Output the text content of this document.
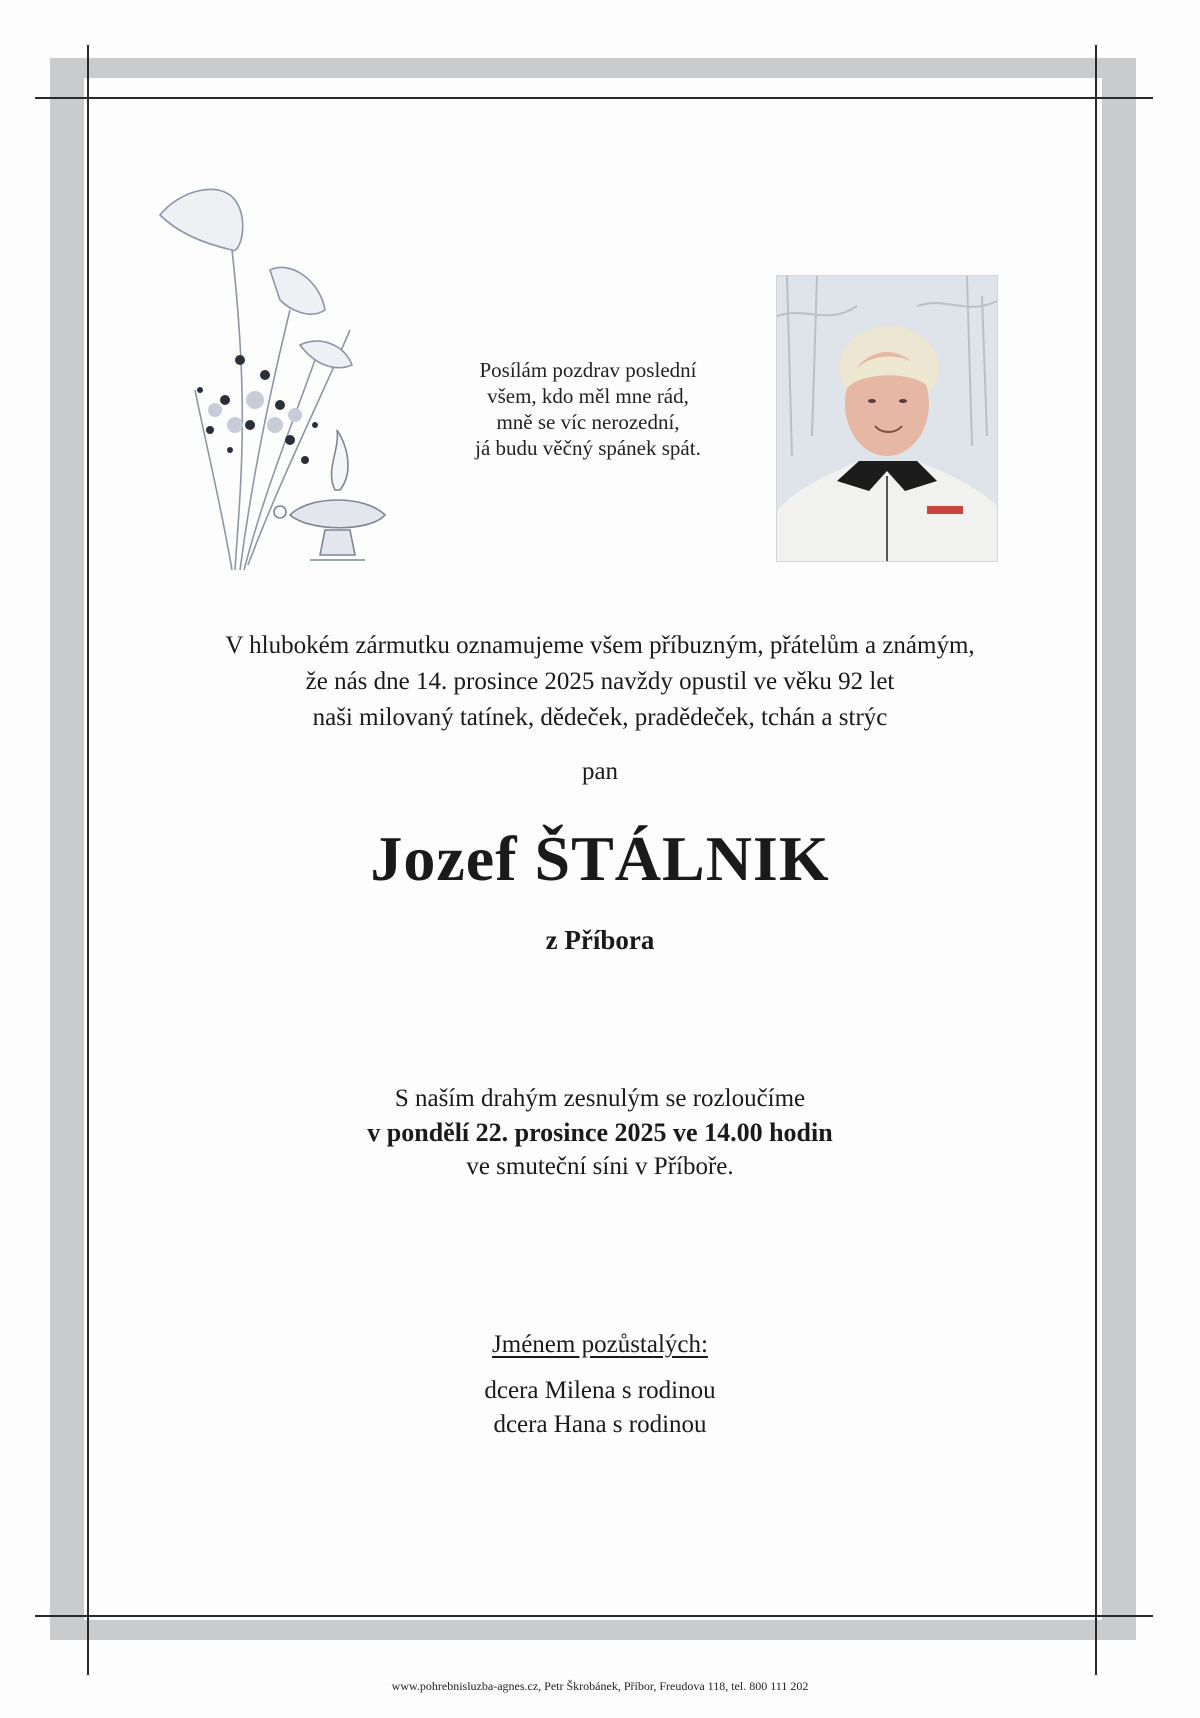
Posílám pozdrav poslední
všem, kdo měl mne rád,
mně se víc nerozední,
já budu věčný spánek spát.
V hlubokém zármutku oznamujeme všem příbuzným, přátelům a známým,
že nás dne 14. prosince 2025 navždy opustil ve věku 92 let
naši milovaný tatínek, dědeček, pradědeček, tchán a strýc
pan
Jozef ŠTÁLNIK
z Příbora
S naším drahým zesnulým se rozloučíme
v pondělí 22. prosince 2025 ve 14.00 hodin
ve smuteční síni v Příboře.
Jménem pozůstalých:
dcera Milena s rodinou
dcera Hana s rodinou
www.pohrebnisluzba-agnes.cz, Petr Škrobánek, Příbor, Freudova 118, tel. 800 111 202
